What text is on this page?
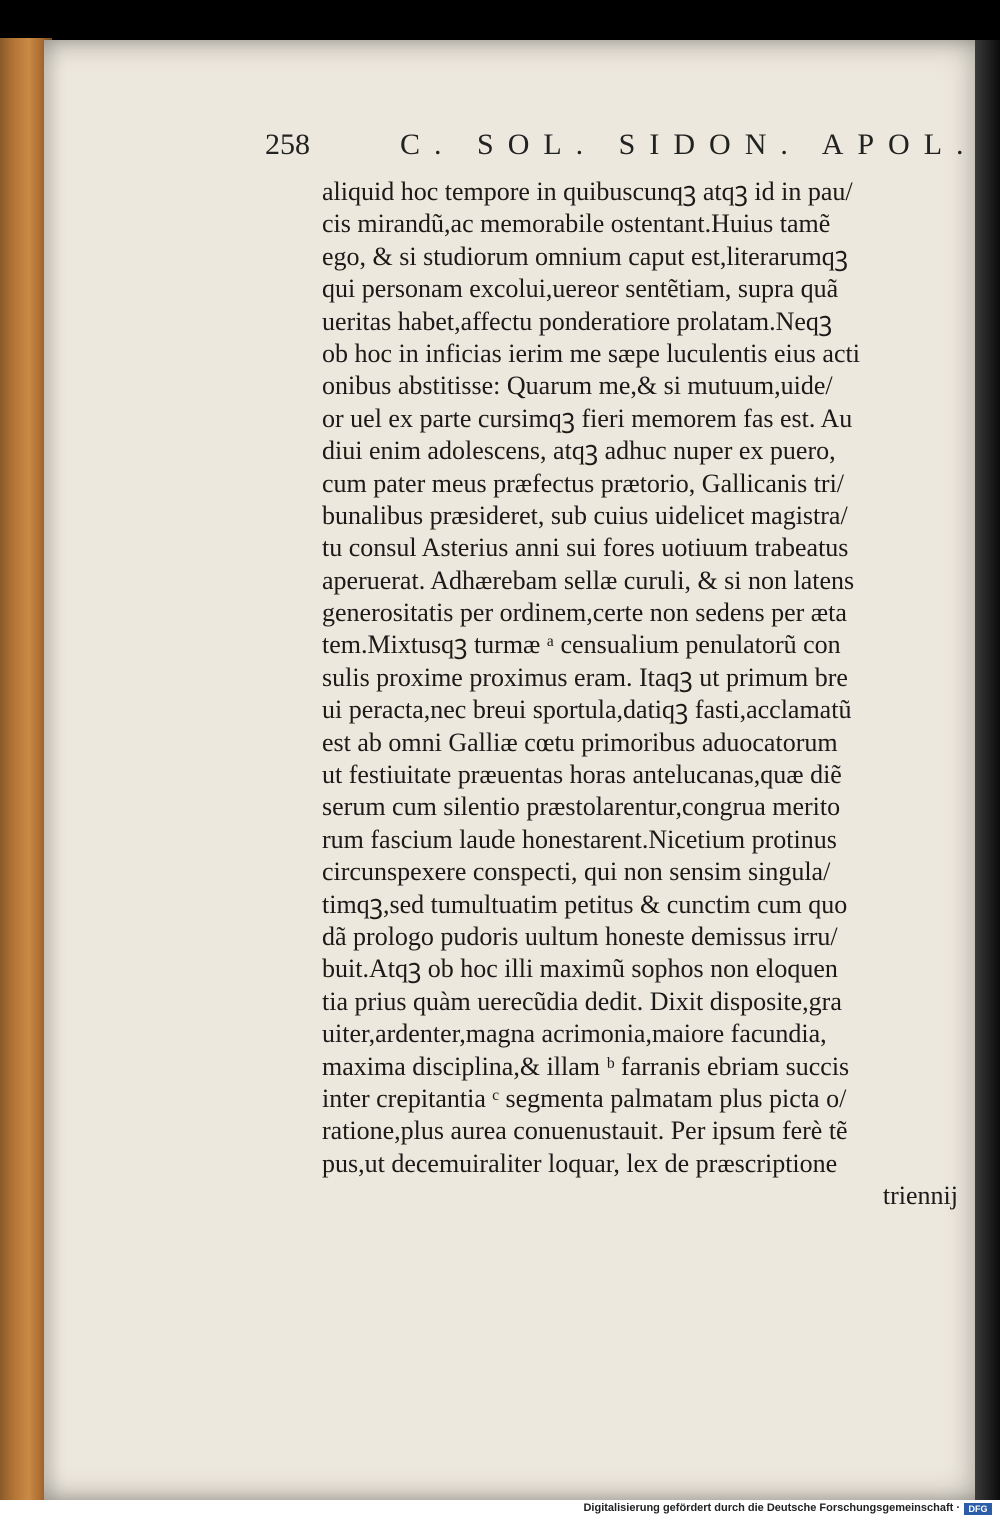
258	C. SOL. SIDON. APOL.
aliquid hoc tempore in quibuscunqꝫ atqꝫ id in pau/
cis mirandũ,ac memorabile ostentant.Huius tamẽ
ego, & si studiorum omnium caput est,literarumqꝫ
qui personam excolui,uereor sentẽtiam, supra quã
ueritas habet,affectu ponderatiore prolatam.Neqꝫ
ob hoc in inficias ierim me sæpe luculentis eius acti
onibus abstitisse: Quarum me,& si mutuum,uide/
or uel ex parte cursimqꝫ fieri memorem fas est. Au
diui enim adolescens, atqꝫ adhuc nuper ex puero,
cum pater meus præfectus prætorio, Gallicanis tri/
bunalibus præsideret, sub cuius uidelicet magistra/
tu consul Asterius anni sui fores uotiuum trabeatus
aperuerat. Adhærebam sellæ curuli, & si non latens
generositatis per ordinem,certe non sedens per æta
tem.Mixtusqꝫ turmæ ᵃ censualium penulatorũ con
sulis proxime proximus eram. Itaqꝫ ut primum bre
ui peracta,nec breui sportula,datiqꝫ fasti,acclamatũ
est ab omni Galliæ cœtu primoribus aduocatorum
ut festiuitate præuentas horas antelucanas,quæ diẽ
serum cum silentio præstolarentur,congrua merito
rum fascium laude honestarent.Nicetium protinus
circunspexere conspecti, qui non sensim singula/
timqꝫ,sed tumultuatim petitus & cunctim cum quo
dã prologo pudoris uultum honeste demissus irru/
buit.Atqꝫ ob hoc illi maximũ sophos non eloquen
tia prius quàm uerecũdia dedit. Dixit disposite,gra
uiter,ardenter,magna acrimonia,maiore facundia,
maxima disciplina,& illam ᵇ farranis ebriam succis
inter crepitantia ᶜ segmenta palmatam plus picta o/
ratione,plus aurea conuenustauit. Per ipsum ferè tẽ
pus,ut decemuiraliter loquar, lex de præscriptione
triennij
Digitalisierung gefördert durch die Deutsche Forschungsgemeinschaft · DFG
